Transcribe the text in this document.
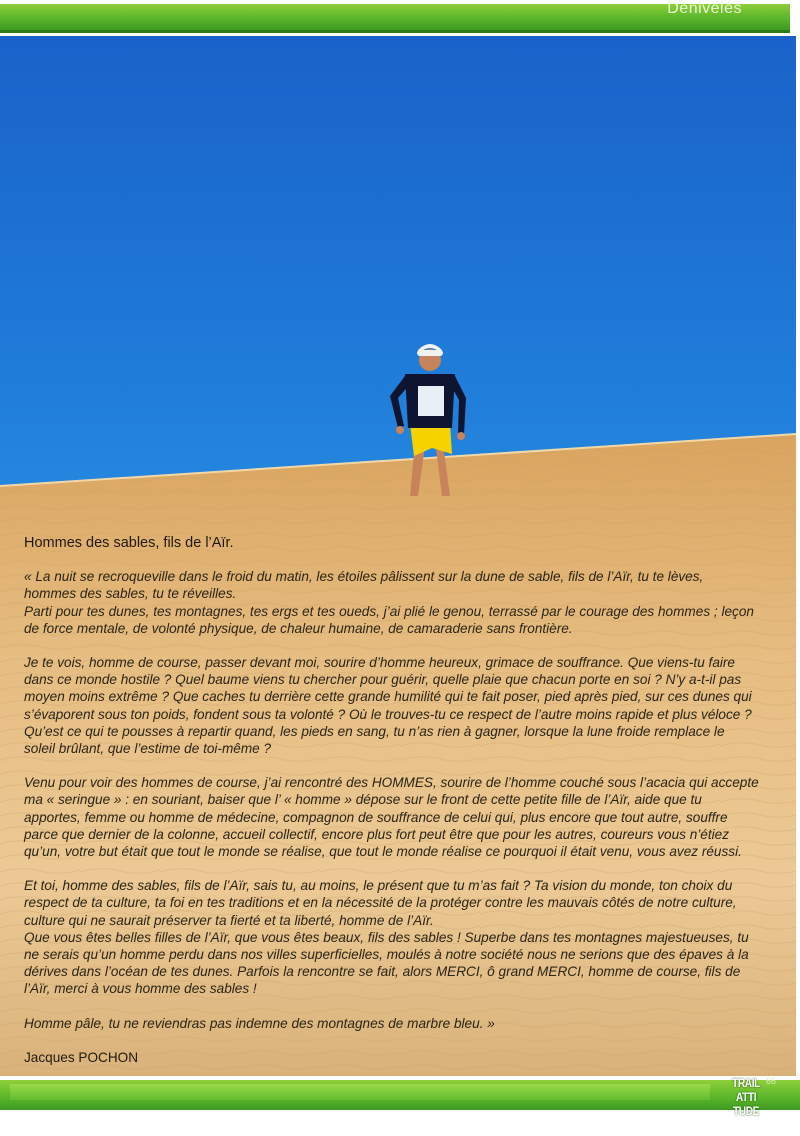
Dénivelés
Hommes des sables, fils de l’Aïr.
« La nuit se recroqueville dans le froid du matin, les étoiles pâlissent sur la dune de sable, fils de l’Aïr, tu te lèves, hommes des sables, tu te réveilles.
Parti pour tes dunes, tes montagnes, tes ergs et tes oueds, j’ai plié le genou, terrassé par le courage des hommes ; leçon de force mentale, de volonté physique, de chaleur humaine, de camaraderie sans frontière.
Je te vois, homme de course, passer devant moi, sourire d’homme heureux, grimace de souffrance. Que viens-tu faire dans ce monde hostile ? Quel baume viens tu chercher pour guérir, quelle plaie que chacun porte en soi ? N’y a-t-il pas moyen moins extrême ? Que caches tu derrière cette grande humilité qui te fait poser, pied après pied, sur ces dunes qui s’évaporent sous ton poids, fondent sous ta volonté ? Où le trouves-tu ce respect de l’autre moins rapide et plus véloce ? Qu’est ce qui te pousses à repartir quand, les pieds en sang, tu n’as rien à gagner, lorsque la lune froide remplace le soleil brûlant, que l’estime de toi-même ?
Venu pour voir des hommes de course, j’ai rencontré des HOMMES, sourire de l’homme couché sous l’acacia qui accepte ma « seringue » : en souriant, baiser que l’ « homme » dépose sur le front de cette petite fille de l’Aïr, aide que tu apportes, femme ou homme de médecine, compagnon de souffrance de celui qui, plus encore que tout autre, souffre parce que dernier de la colonne, accueil collectif, encore plus fort peut être que pour les autres, coureurs vous n’étiez qu’un, votre but était que tout le monde se réalise, que tout le monde réalise ce pourquoi il était venu, vous avez réussi.
Et toi, homme des sables, fils de l’Aïr, sais tu, au moins, le présent que tu m’as fait ? Ta vision du monde, ton choix du respect de ta culture, ta foi en tes traditions et en la nécessité de la protéger contre les mauvais côtés de notre culture, culture qui ne saurait préserver ta fierté et ta liberté, homme de l’Aïr.
Que vous êtes belles filles de l’Aïr, que vous êtes beaux, fils des sables ! Superbe dans tes montagnes majestueuses, tu ne serais qu’un homme perdu dans nos villes superficielles, moulés à notre société nous ne serions que des épaves à la dérives dans l’océan de tes dunes. Parfois la rencontre se fait, alors MERCI, ô grand MERCI, homme de course, fils de l’Aïr, merci à vous homme des sables !
Homme pâle, tu ne reviendras pas indemne des montagnes de marbre bleu. »
Jacques POCHON
TRAIL
ATTI
TUDE
66
